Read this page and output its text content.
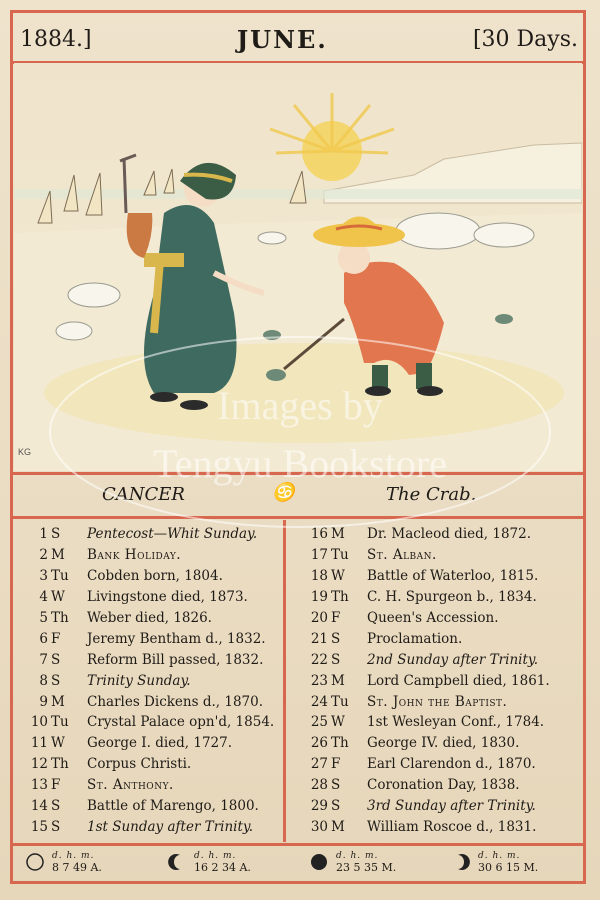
1884.]	JUNE.	[30 Days.
KG
CANCER	♋	The Crab.
1 S	Pentecost—Whit Sunday.
2 M	Bank Holiday.
3 Tu	Cobden born, 1804.
4 W	Livingstone died, 1873.
5 Th	Weber died, 1826.
6 F	Jeremy Bentham d., 1832.
7 S	Reform Bill passed, 1832.
8 S	Trinity Sunday.
9 M	Charles Dickens d., 1870.
10 Tu	Crystal Palace opn'd, 1854.
11 W	George I. died, 1727.
12 Th	Corpus Christi.
13 F	St. Anthony.
14 S	Battle of Marengo, 1800.
15 S	1st Sunday after Trinity.
16 M	Dr. Macleod died, 1872.
17 Tu	St. Alban.
18 W	Battle of Waterloo, 1815.
19 Th	C. H. Spurgeon b., 1834.
20 F	Queen's Accession.
21 S	Proclamation.
22 S	2nd Sunday after Trinity.
23 M	Lord Campbell died, 1861.
24 Tu	St. John the Baptist.
25 W	1st Wesleyan Conf., 1784.
26 Th	George IV. died, 1830.
27 F	Earl Clarendon d., 1870.
28 S	Coronation Day, 1838.
29 S	3rd Sunday after Trinity.
30 M	William Roscoe d., 1831.
d. h. m.
8 7 49 A.
d. h. m.
16 2 34 A.
d. h. m.
23 5 35 M.
d. h. m.
30 6 15 M.
Images by
Tengyu Bookstore
